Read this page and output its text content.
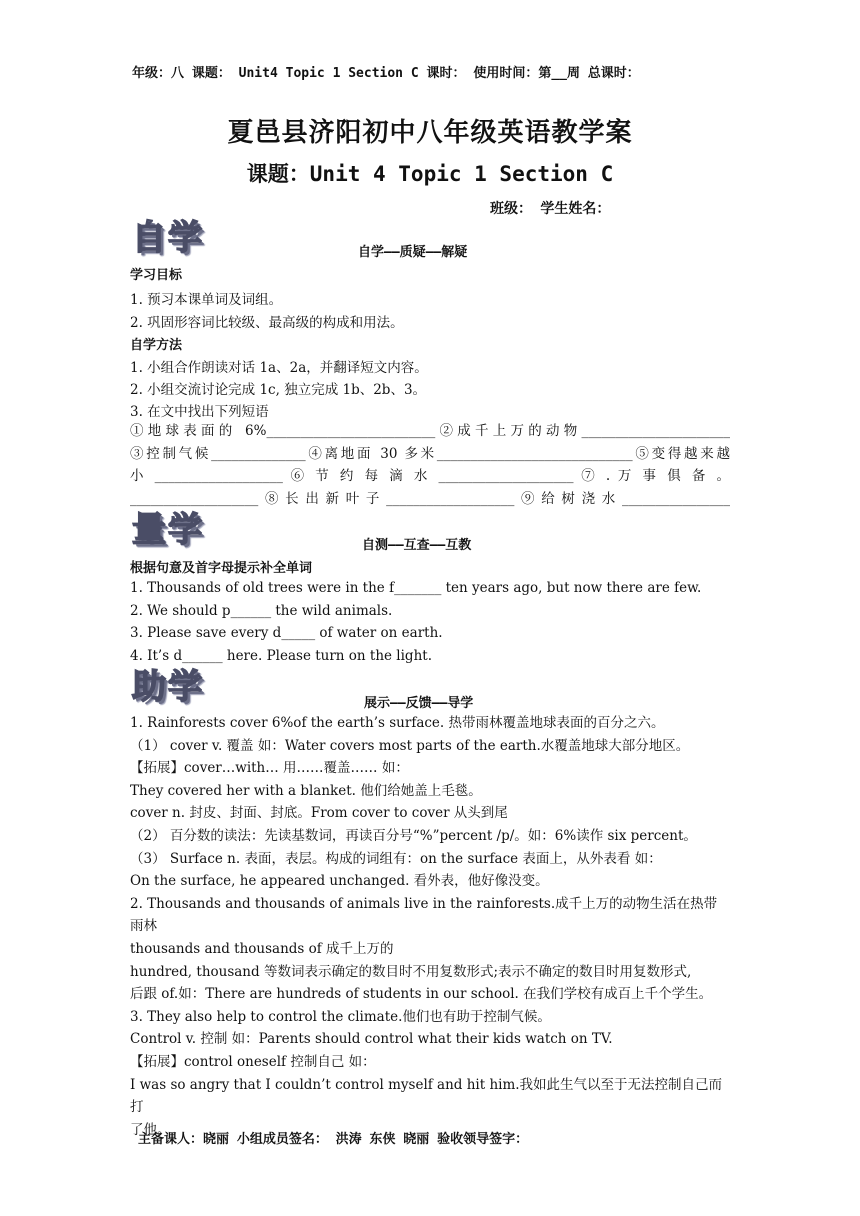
年级：八 课题： Unit4 Topic 1 Section C 课时： 使用时间：第__周 总课时：
夏邑县济阳初中八年级英语教学案
课题：Unit 4 Topic 1 Section C
班级： 学生姓名：
自学	自学——质疑——解疑
学习目标
1. 预习本课单词及词组。
2. 巩固形容词比较级、最高级的构成和用法。
自学方法
1. 小组合作朗读对话 1a、2a，并翻译短文内容。
2. 小组交流讨论完成 1c, 独立完成 1b、2b、3。
3. 在文中找出下列短语

①地球表面的 6%_________________________②成千上万的动物______________________

③控制气候______________④离地面 30 多米_____________________________⑤变得越来越

小 ___________________ ⑥ 节 约 每 滴 水 ____________________ ⑦ . 万 事 俱 备 。

___________________⑧长出新叶子___________________⑨给树浇水________________

量学	自测——互查——互教
根据句意及首字母提示补全单词
1. Thousands of old trees were in the f_______ ten years ago, but now there are few.
2. We should p______ the wild animals.
3. Please save every d_____ of water on earth.
4. It’s d______ here. Please turn on the light.
助学	展示——反馈——导学

1. Rainforests cover 6%of the earth’s surface. 热带雨林覆盖地球表面的百分之六。

（1） cover v. 覆盖 如：Water covers most parts of the earth.水覆盖地球大部分地区。

【拓展】cover…with… 用……覆盖…… 如：

They covered her with a blanket. 他们给她盖上毛毯。

cover n. 封皮、封面、封底。From cover to cover 从头到尾

（2） 百分数的读法：先读基数词，再读百分号“%”percent /p/。如：6%读作 six percent。

（3） Surface n. 表面，表层。构成的词组有：on the surface 表面上，从外表看 如：

On the surface, he appeared unchanged. 看外表，他好像没变。

2. Thousands and thousands of animals live in the rainforests.成千上万的动物生活在热带雨林

thousands and thousands of 成千上万的

hundred, thousand 等数词表示确定的数目时不用复数形式;表示不确定的数目时用复数形式,

后跟 of.如：There are hundreds of students in our school. 在我们学校有成百上千个学生。

3. They also help to control the climate.他们也有助于控制气候。

Control v. 控制 如：Parents should control what their kids watch on TV.

【拓展】control oneself 控制自己 如：

I was so angry that I couldn’t control myself and hit him.我如此生气以至于无法控制自己而打

了他。

主备课人：晓丽 小组成员签名： 洪涛 东侠 晓丽 验收领导签字：
